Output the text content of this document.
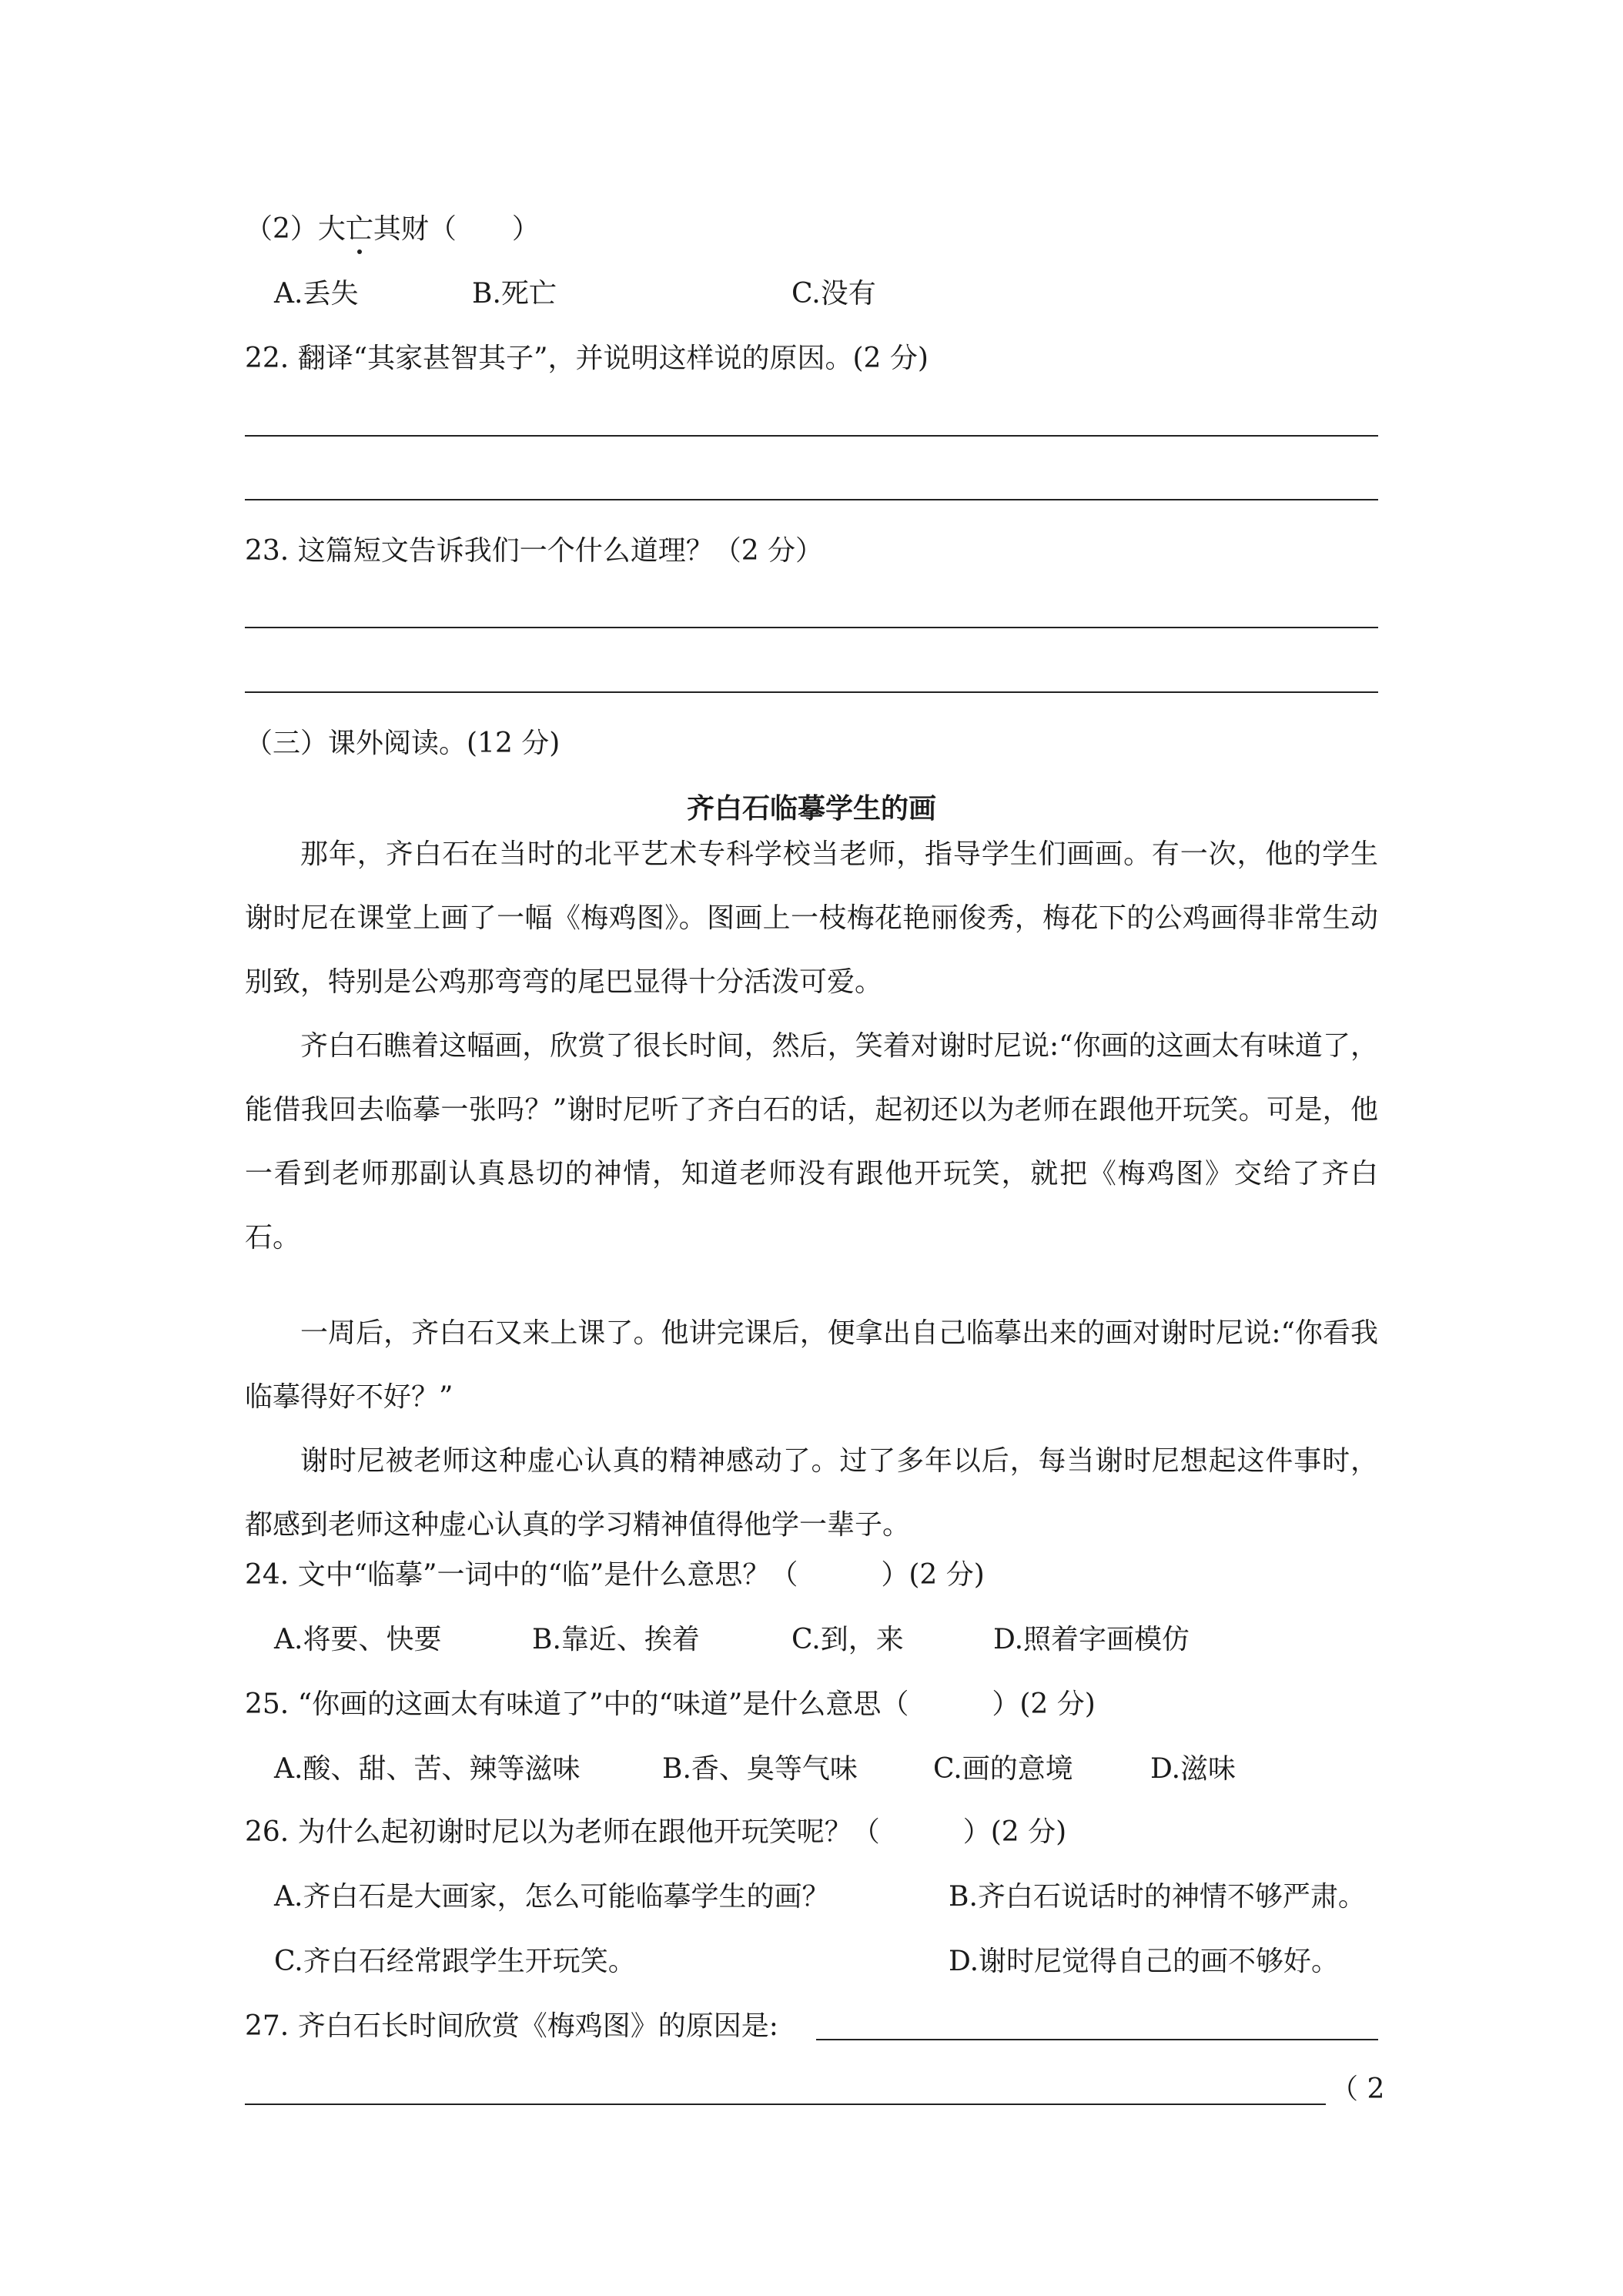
（2）大亡其财（　　）
A.丢失	B.死亡	C.没有
22. 翻译“其家甚智其子”，并说明这样说的原因。(2 分)
23. 这篇短文告诉我们一个什么道理？（2 分）
（三）课外阅读。(12 分)
齐白石临摹学生的画
那年，齐白石在当时的北平艺术专科学校当老师，指导学生们画画。有一次，他的学生谢时尼在课堂上画了一幅《梅鸡图》。图画上一枝梅花艳丽俊秀，梅花下的公鸡画得非常生动别致，特别是公鸡那弯弯的尾巴显得十分活泼可爱。
齐白石瞧着这幅画，欣赏了很长时间，然后，笑着对谢时尼说:“你画的这画太有味道了，能借我回去临摹一张吗？”谢时尼听了齐白石的话，起初还以为老师在跟他开玩笑。可是，他一看到老师那副认真恳切的神情，知道老师没有跟他开玩笑，就把《梅鸡图》交给了齐白石。
一周后，齐白石又来上课了。他讲完课后，便拿出自己临摹出来的画对谢时尼说:“你看我临摹得好不好？”
谢时尼被老师这种虚心认真的精神感动了。过了多年以后，每当谢时尼想起这件事时，都感到老师这种虚心认真的学习精神值得他学一辈子。
24. 文中“临摹”一词中的“临”是什么意思？（　　　）(2 分)
A.将要、快要	B.靠近、挨着	C.到，来	D.照着字画模仿
25. “你画的这画太有味道了”中的“味道”是什么意思（　　　）(2 分)
A.酸、甜、苦、辣等滋味	B.香、臭等气味	C.画的意境	D.滋味
26. 为什么起初谢时尼以为老师在跟他开玩笑呢？（　　　）(2 分)
A.齐白石是大画家，怎么可能临摹学生的画？	B.齐白石说话时的神情不够严肃。
C.齐白石经常跟学生开玩笑。	D.谢时尼觉得自己的画不够好。
27. 齐白石长时间欣赏《梅鸡图》的原因是:
（ 2
